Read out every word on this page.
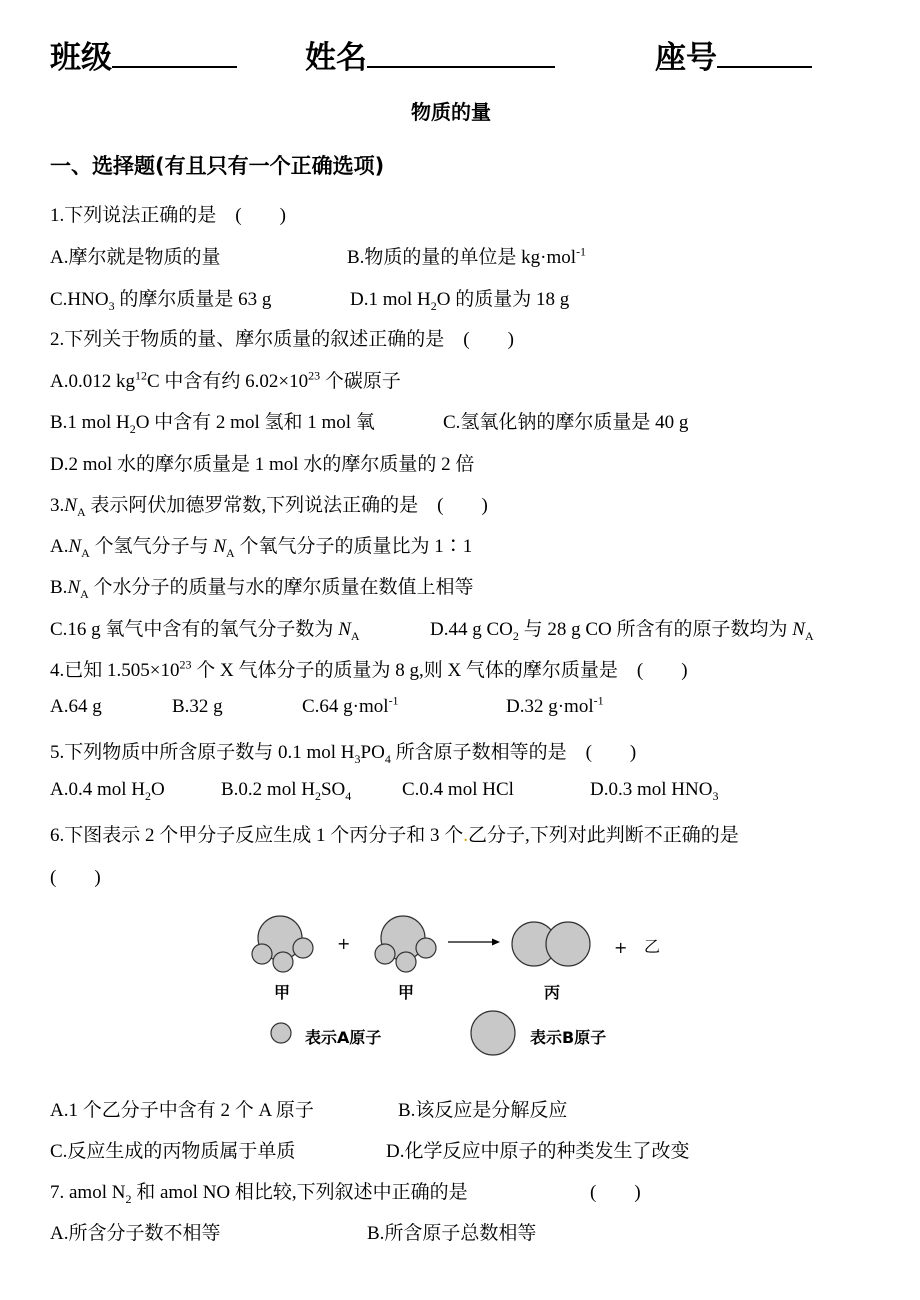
班级	姓名	座号
物质的量
一、选择题(有且只有一个正确选项)
1.下列说法正确的是　(　　)
A.摩尔就是物质的量	B.物质的量的单位是 kg·mol$^{-1}$
$C.HNO_3$ 的摩尔质量是 63 g	D.1 mol $H_2O$ 的质量为 18 g
2.下列关于物质的量、摩尔质量的叙述正确的是　(　　)
A.0.012 $kg^{12}C$ 中含有约 $6.02\times 10^{23}$ 个碳原子
B.1 mol $H_2O$ 中含有 2 mol 氢和 1 mol 氧	C.氢氧化钠的摩尔质量是 40 g
D.2 mol 水的摩尔质量是 1 mol 水的摩尔质量的 2 倍
$3.N_A$ 表示阿伏加德罗常数,下列说法正确的是　(　　)
$A.N_A$ 个氢气分子与 $N_A$ 个氧气分子的质量比为 1∶1
$B.N_A$ 个水分子的质量与水的摩尔质量在数值上相等
C.16 g 氧气中含有的氧气分子数为 $N_A$	D.44 g $CO_2$ 与 28 g CO 所含有的原子数均为 $N_A$
4.已知 $1.505\times 10^{23}$ 个 X 气体分子的质量为 8 g,则 X 气体的摩尔质量是　(　　)
A.64 g	B.32 g	C.64 g·mol$^{-1}$	D.32 g·mol$^{-1}$
5.下列物质中所含原子数与 0.1 mol $H_3PO_4$ 所含原子数相等的是　(　　)
A.0.4 mol $H_2O$	B.0.2 mol $H_2SO_4$	C.0.4 mol HCl	D.0.3 mol $HNO_3$
6.下图表示 2 个甲分子反应生成 1 个丙分子和 3 个.乙分子,下列对此判断不正确的是
(　　)
+	+ 乙
甲	甲	丙
表示A原子	表示B原子
A.1 个乙分子中含有 2 个 A 原子	B.该反应是分解反应
C.反应生成的丙物质属于单质	D.化学反应中原子的种类发生了改变
7. amol $N_2$ 和 amol NO 相比较,下列叙述中正确的是	(　　)
A.所含分子数不相等	B.所含原子总数相等
